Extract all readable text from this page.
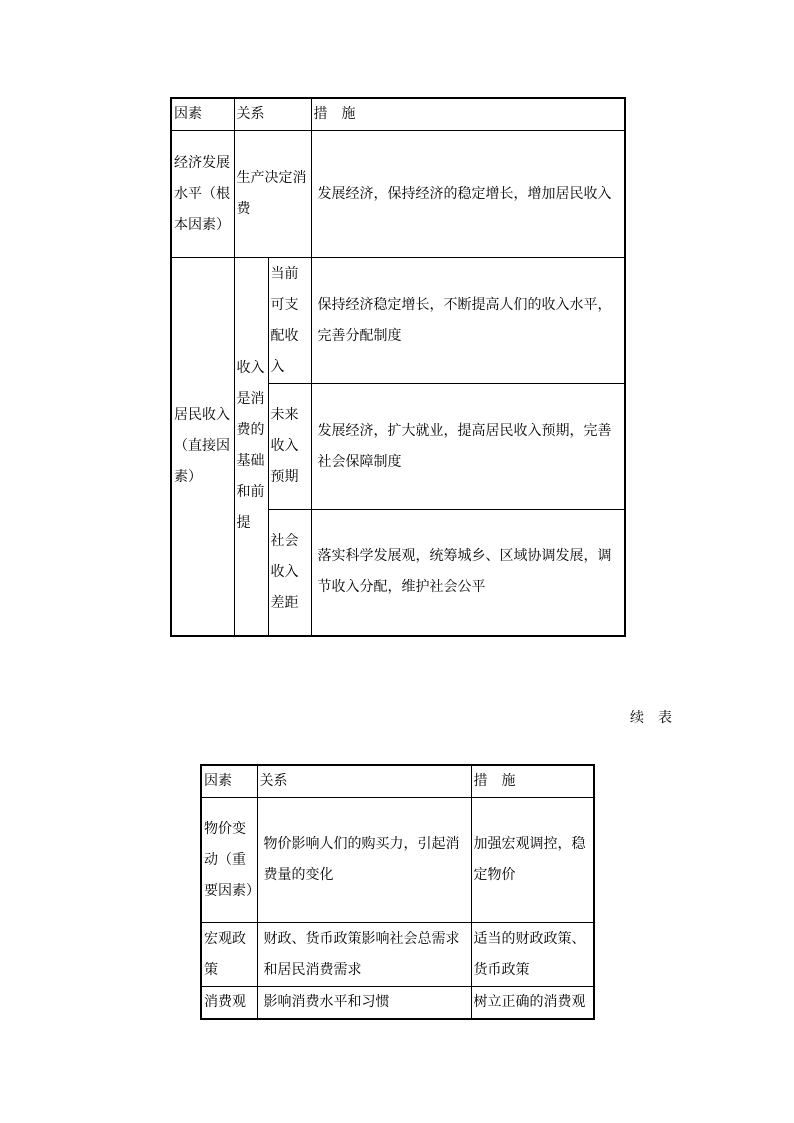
因素	关系		措　施
经济发展水平（根本因素）	生产决定消费		发展经济，保持经济的稳定增长，增加居民收入
居民收入（直接因素）	收入是消费的基础和前提	当前可支配收入	保持经济稳定增长，不断提高人们的收入水平，完善分配制度
		未来收入预期	发展经济，扩大就业，提高居民收入预期，完善社会保障制度
		社会收入差距	落实科学发展观，统筹城乡、区域协调发展，调节收入分配，维护社会公平
续　表
因素	关系	措　施
物价变动（重要因素）	物价影响人们的购买力，引起消费量的变化	加强宏观调控，稳定物价
宏观政策	财政、货币政策影响社会总需求和居民消费需求	适当的财政政策、货币政策
消费观	影响消费水平和习惯	树立正确的消费观
